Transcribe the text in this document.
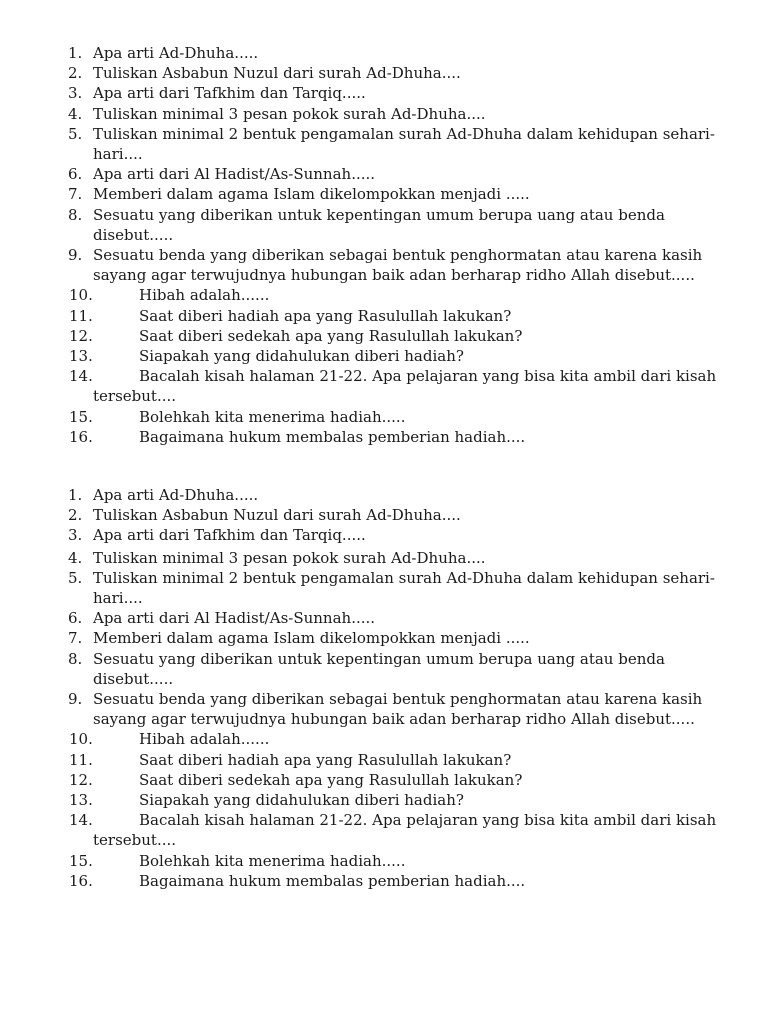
1. Apa arti Ad-Dhuha.....
2. Tuliskan Asbabun Nuzul dari surah Ad-Dhuha....
3. Apa arti dari Tafkhim dan Tarqiq.....
4. Tuliskan minimal 3 pesan pokok surah Ad-Dhuha....
5. Tuliskan minimal 2 bentuk pengamalan surah Ad-Dhuha dalam kehidupan sehari-hari....
6. Apa arti dari Al Hadist/As-Sunnah.....
7. Memberi dalam agama Islam dikelompokkan menjadi .....
8. Sesuatu yang diberikan untuk kepentingan umum berupa uang atau benda disebut.....
9. Sesuatu benda yang diberikan sebagai bentuk penghormatan atau karena kasih sayang agar terwujudnya hubungan baik adan berharap ridho Allah disebut.....
10.	Hibah adalah......
11.	Saat diberi hadiah apa yang Rasulullah lakukan?
12.	Saat diberi sedekah apa yang Rasulullah lakukan?
13.	Siapakah yang didahulukan diberi hadiah?
14.	Bacalah kisah halaman 21-22. Apa pelajaran yang bisa kita ambil dari kisah tersebut....
15.	Bolehkah kita menerima hadiah.....
16.	Bagaimana hukum membalas pemberian hadiah....
1. Apa arti Ad-Dhuha.....
2. Tuliskan Asbabun Nuzul dari surah Ad-Dhuha....
3. Apa arti dari Tafkhim dan Tarqiq.....
4. Tuliskan minimal 3 pesan pokok surah Ad-Dhuha....
5. Tuliskan minimal 2 bentuk pengamalan surah Ad-Dhuha dalam kehidupan sehari-hari....
6. Apa arti dari Al Hadist/As-Sunnah.....
7. Memberi dalam agama Islam dikelompokkan menjadi .....
8. Sesuatu yang diberikan untuk kepentingan umum berupa uang atau benda disebut.....
9. Sesuatu benda yang diberikan sebagai bentuk penghormatan atau karena kasih sayang agar terwujudnya hubungan baik adan berharap ridho Allah disebut.....
10.	Hibah adalah......
11.	Saat diberi hadiah apa yang Rasulullah lakukan?
12.	Saat diberi sedekah apa yang Rasulullah lakukan?
13.	Siapakah yang didahulukan diberi hadiah?
14.	Bacalah kisah halaman 21-22. Apa pelajaran yang bisa kita ambil dari kisah tersebut....
15.	Bolehkah kita menerima hadiah.....
16.	Bagaimana hukum membalas pemberian hadiah....
